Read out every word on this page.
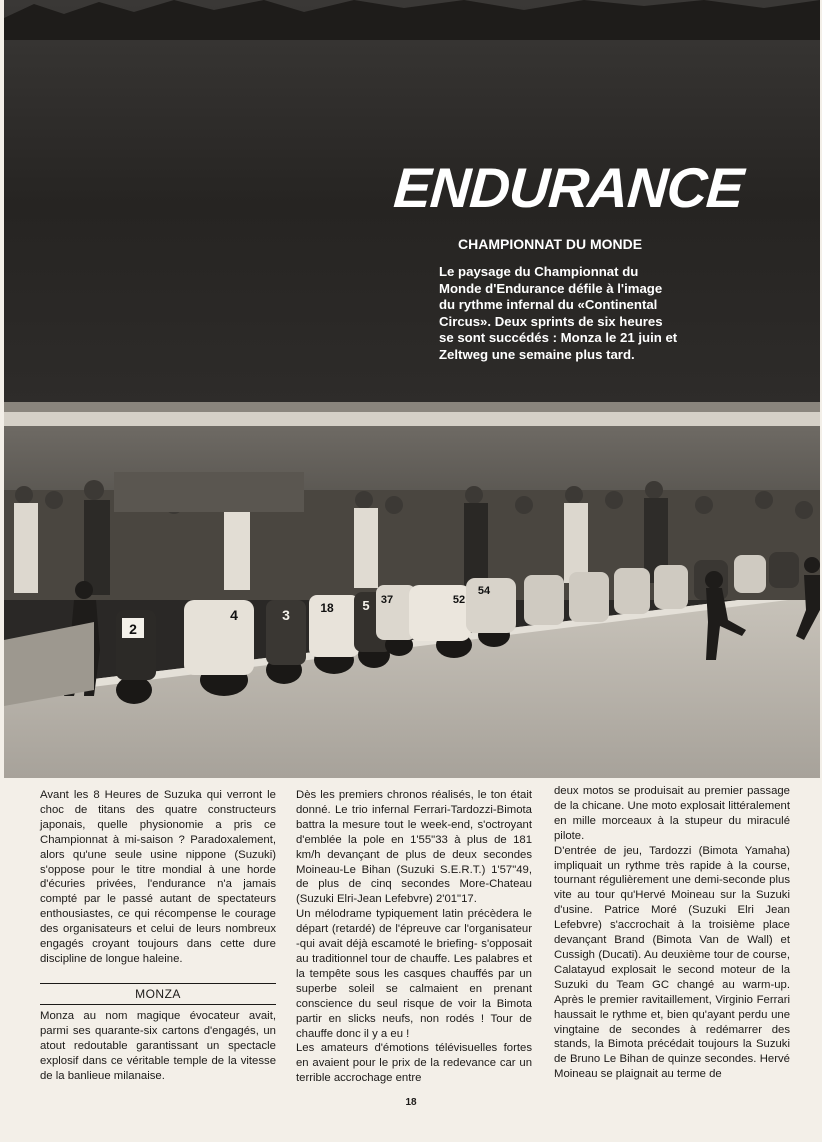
2
4	3	18 5 37	52
54
ENDURANCE
CHAMPIONNAT DU MONDE
Le paysage du Championnat du Monde d'Endurance défile à l'image du rythme infernal du «Continental Circus». Deux sprints de six heures se sont succédés : Monza le 21 juin et Zeltweg une semaine plus tard.

Avant les 8 Heures de Suzuka qui verront le choc de titans des quatre constructeurs japonais, quelle physionomie a pris ce Championnat à mi-saison ? Paradoxalement, alors qu'une seule usine nippone (Suzuki) s'oppose pour le titre mondial à une horde d'écuries privées, l'endurance n'a jamais compté par le passé autant de spectateurs enthousiastes, ce qui récompense le courage des organisateurs et celui de leurs nombreux engagés croyant toujours dans cette dure discipline de longue haleine.

MONZA

Monza au nom magique évocateur avait, parmi ses quarante-six cartons d'engagés, un atout redoutable garantissant un spectacle explosif dans ce véritable temple de la vitesse de la banlieue milanaise.

Dès les premiers chronos réalisés, le ton était donné. Le trio infernal Ferrari-Tardozzi-Bimota battra la mesure tout le week-end, s'octroyant d'emblée la pole en 1'55"33 à plus de 181 km/h devançant de plus de deux secondes Moineau-Le Bihan (Suzuki S.E.R.T.) 1'57"49, de plus de cinq secondes More-Chateau (Suzuki Elri-Jean Lefebvre) 2'01"17.

Un mélodrame typiquement latin précèdera le départ (retardé) de l'épreuve car l'organisateur -qui avait déjà escamoté le briefing- s'opposait au traditionnel tour de chauffe. Les palabres et la tempête sous les casques chauffés par un superbe soleil se calmaient en prenant conscience du seul risque de voir la Bimota partir en slicks neufs, non rodés ! Tour de chauffe donc il y a eu !

Les amateurs d'émotions télévisuelles fortes en avaient pour le prix de la redevance car un terrible accrochage entre

deux motos se produisait au premier passage de la chicane. Une moto explosait littéralement en mille morceaux à la stupeur du miraculé pilote.

D'entrée de jeu, Tardozzi (Bimota Yamaha) impliquait un rythme très rapide à la course, tournant régulièrement une demi-seconde plus vite au tour qu'Hervé Moineau sur la Suzuki d'usine. Patrice Moré (Suzuki Elri Jean Lefebvre) s'accrochait à la troisième place devançant Brand (Bimota Van de Wall) et Cussigh (Ducati). Au deuxième tour de course, Calatayud explosait le second moteur de la Suzuki du Team GC changé au warm-up. Après le premier ravitaillement, Virginio Ferrari haussait le rythme et, bien qu'ayant perdu une vingtaine de secondes à redémarrer des stands, la Bimota précédait toujours la Suzuki de Bruno Le Bihan de quinze secondes. Hervé Moineau se plaignait au terme de

18
